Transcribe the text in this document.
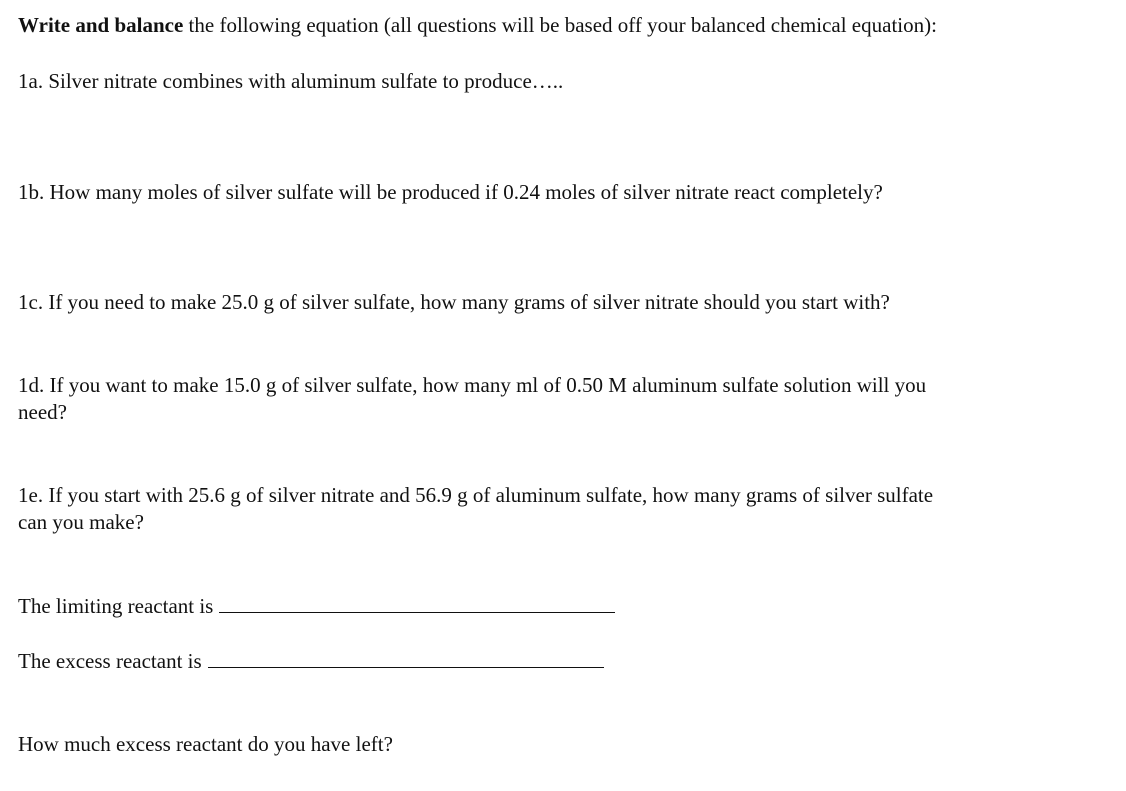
Write and balance the following equation (all questions will be based off your balanced chemical equation):
1a. Silver nitrate combines with aluminum sulfate to produce…..
1b. How many moles of silver sulfate will be produced if 0.24 moles of silver nitrate react completely?
1c. If you need to make 25.0 g of silver sulfate, how many grams of silver nitrate should you start with?
1d. If you want to make 15.0 g of silver sulfate, how many ml of 0.50 M aluminum sulfate solution will you
need?
1e. If you start with 25.6 g of silver nitrate and 56.9 g of aluminum sulfate, how many grams of silver sulfate
can you make?
The limiting reactant is
The excess reactant is
How much excess reactant do you have left?
